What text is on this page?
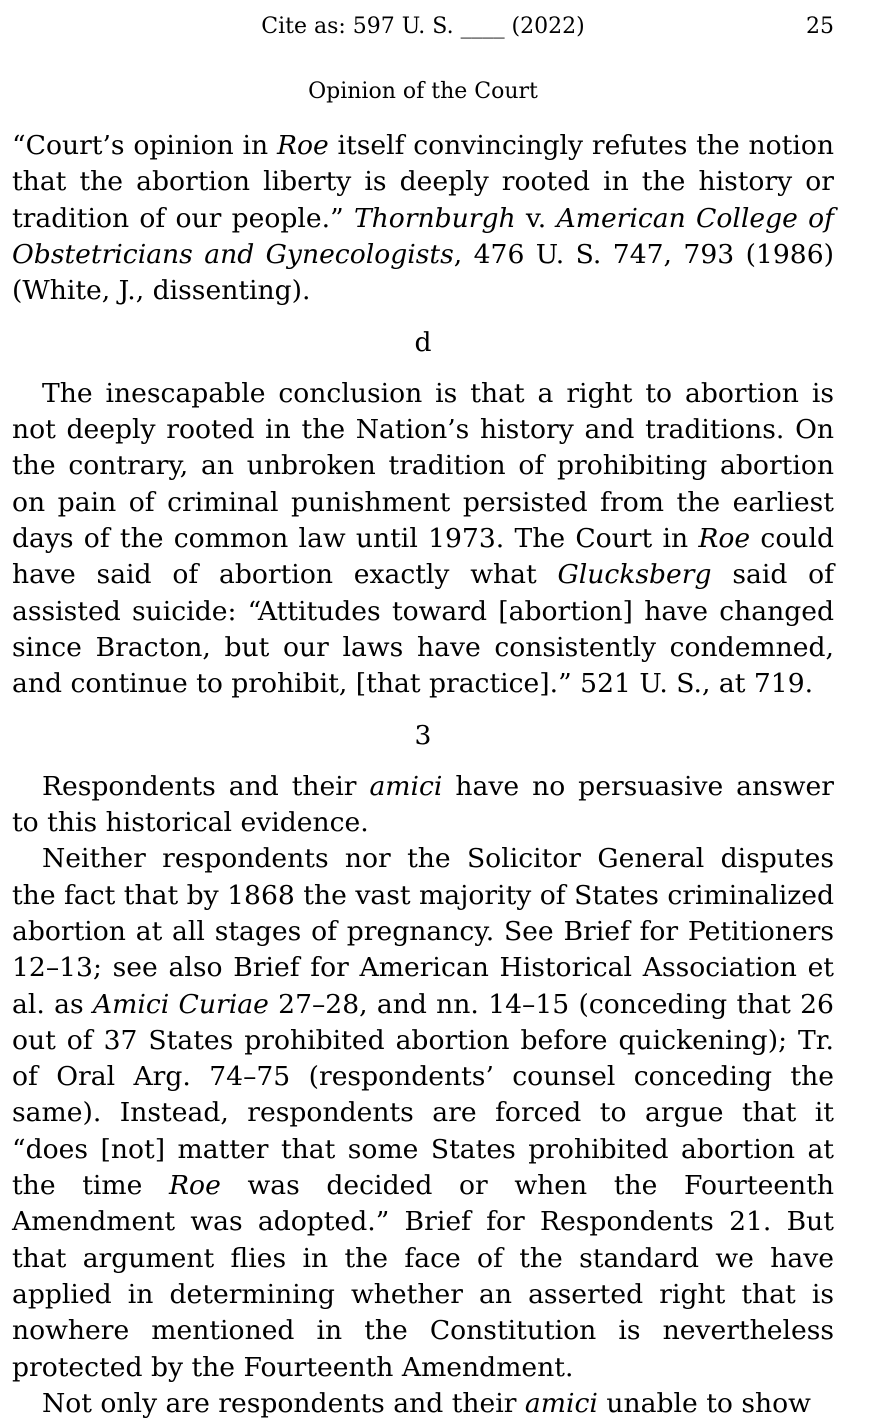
Cite as: 597 U. S. ____ (2022)	25
Opinion of the Court

“Court’s opinion in Roe itself convincingly refutes the notion that the abortion liberty is deeply rooted in the history or tradition of our people.” Thornburgh v. American College of Obstetricians and Gynecologists, 476 U. S. 747, 793 (1986) (White, J., dissenting).

d

The inescapable conclusion is that a right to abortion is not deeply rooted in the Nation’s history and traditions. On the contrary, an unbroken tradition of prohibiting abortion on pain of criminal punishment persisted from the earliest days of the common law until 1973. The Court in Roe could have said of abortion exactly what Glucksberg said of assisted suicide: “Attitudes toward [abortion] have changed since Bracton, but our laws have consistently condemned, and continue to prohibit, [that practice].” 521 U. S., at 719.

3

Respondents and their amici have no persuasive answer to this historical evidence.

Neither respondents nor the Solicitor General disputes the fact that by 1868 the vast majority of States criminalized abortion at all stages of pregnancy. See Brief for Petitioners 12–13; see also Brief for American Historical Association et al. as Amici Curiae 27–28, and nn. 14–15 (conceding that 26 out of 37 States prohibited abortion before quickening); Tr. of Oral Arg. 74–75 (respondents’ counsel conceding the same). Instead, respondents are forced to argue that it “does [not] matter that some States prohibited abortion at the time Roe was decided or when the Fourteenth Amendment was adopted.” Brief for Respondents 21. But that argument flies in the face of the standard we have applied in determining whether an asserted right that is nowhere mentioned in the Constitution is nevertheless protected by the Fourteenth Amendment.

Not only are respondents and their amici unable to show
